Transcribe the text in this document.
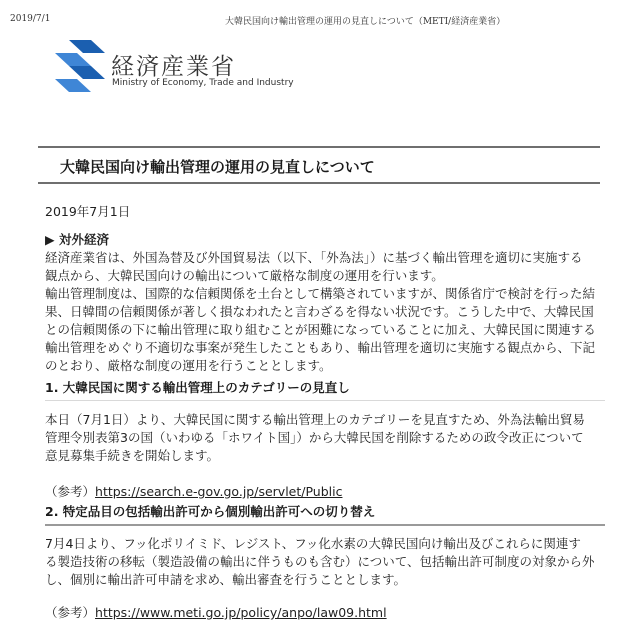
2019/7/1	大韓民国向け輸出管理の運用の見直しについて（METI/経済産業省）
経済産業省
Ministry of Economy, Trade and Industry
大韓民国向け輸出管理の運用の見直しについて
2019年7月1日
▶ 対外経済
経済産業省は、外国為替及び外国貿易法（以下、「外為法」）に基づく輸出管理を適切に実施する
観点から、大韓民国向けの輸出について厳格な制度の運用を行います。
輸出管理制度は、国際的な信頼関係を土台として構築されていますが、関係省庁で検討を行った結
果、日韓間の信頼関係が著しく損なわれたと言わざるを得ない状況です。こうした中で、大韓民国
との信頼関係の下に輸出管理に取り組むことが困難になっていることに加え、大韓民国に関連する
輸出管理をめぐり不適切な事案が発生したこともあり、輸出管理を適切に実施する観点から、下記
のとおり、厳格な制度の運用を行うこととします。
1. 大韓民国に関する輸出管理上のカテゴリーの見直し
本日（7月1日）より、大韓民国に関する輸出管理上のカテゴリーを見直すため、外為法輸出貿易
管理令別表第3の国（いわゆる「ホワイト国」）から大韓民国を削除するための政令改正について
意見募集手続きを開始します。
（参考）https://search.e-gov.go.jp/servlet/Public
2. 特定品目の包括輸出許可から個別輸出許可への切り替え
7月4日より、フッ化ポリイミド、レジスト、フッ化水素の大韓民国向け輸出及びこれらに関連す
る製造技術の移転（製造設備の輸出に伴うものも含む）について、包括輸出許可制度の対象から外
し、個別に輸出許可申請を求め、輸出審査を行うこととします。
（参考）https://www.meti.go.jp/policy/anpo/law09.html
